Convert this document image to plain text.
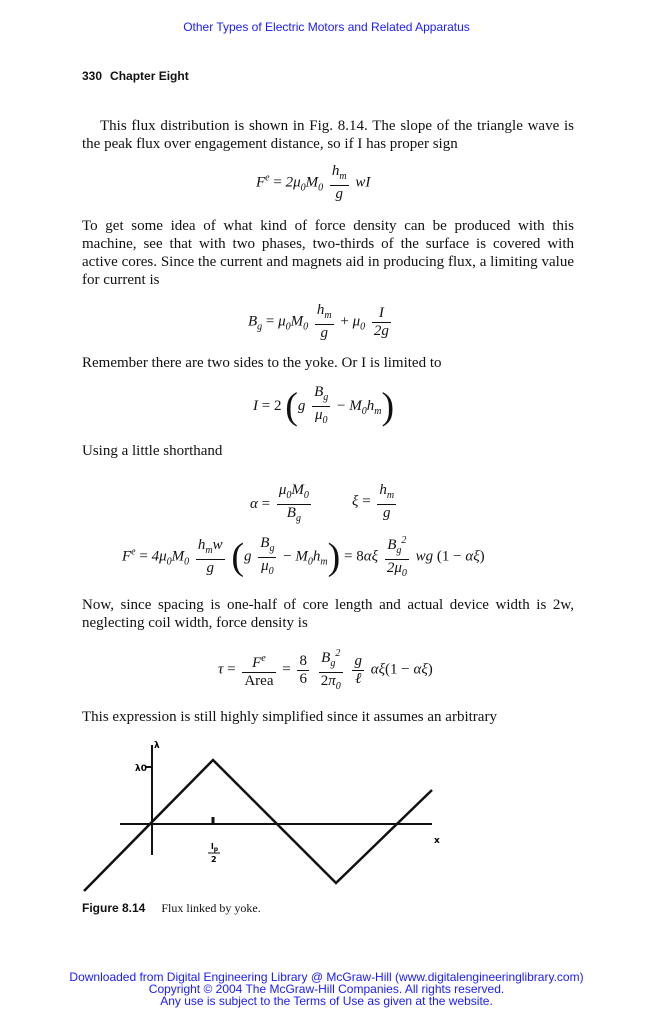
Other Types of Electric Motors and Related Apparatus
330 Chapter Eight
This flux distribution is shown in Fig. 8.14. The slope of the triangle wave is the peak flux over engagement distance, so if I has proper sign
$F^e = 2\mu_0M_0 \frac{h_m}{g}$ wI
To get some idea of what kind of force density can be produced with this machine, see that with two phases, two-thirds of the surface is covered with active cores. Since the current and magnets aid in producing flux, a limiting value for current is
$B_g = \mu_0M_0 \frac{h_m}{g} + \mu_0 \frac{I}{2g}$
Remember there are two sides to the yoke. Or I is limited to
I = 2 $(g \frac{B_g}{\mu_0} - M_0h_m)$
Using a little shorthand
$\alpha = \frac{\mu_0M_0}{B_g}$	$\xi = \frac{h_m}{g}$
$F^e = 4\mu_0M_0 \frac{h_mw}{g} (g \frac{B_g}{\mu_0} - M_0h_m) = 8\alpha\xi \frac{B_g^2}{2\mu_0}$ wg (1 − αξ)
Now, since spacing is one-half of core length and actual device width is 2w, neglecting coil width, force density is
$\tau = \frac{F^e}{\text{Area}} = \frac{8}{6}$
$\frac{B_g^2}{2\pi_0}$
$\frac{g}{\text{ℓ}} \alpha\xi(1 - \alpha\xi)$
This expression is still highly simplified since it assumes an arbitrary
λ
x
λ0
$l_p$
2
Figure 8.14 Flux linked by yoke.
Downloaded from Digital Engineering Library @ McGraw-Hill (www.digitalengineeringlibrary.com)
Copyright © 2004 The McGraw-Hill Companies. All rights reserved.
Any use is subject to the Terms of Use as given at the website.
